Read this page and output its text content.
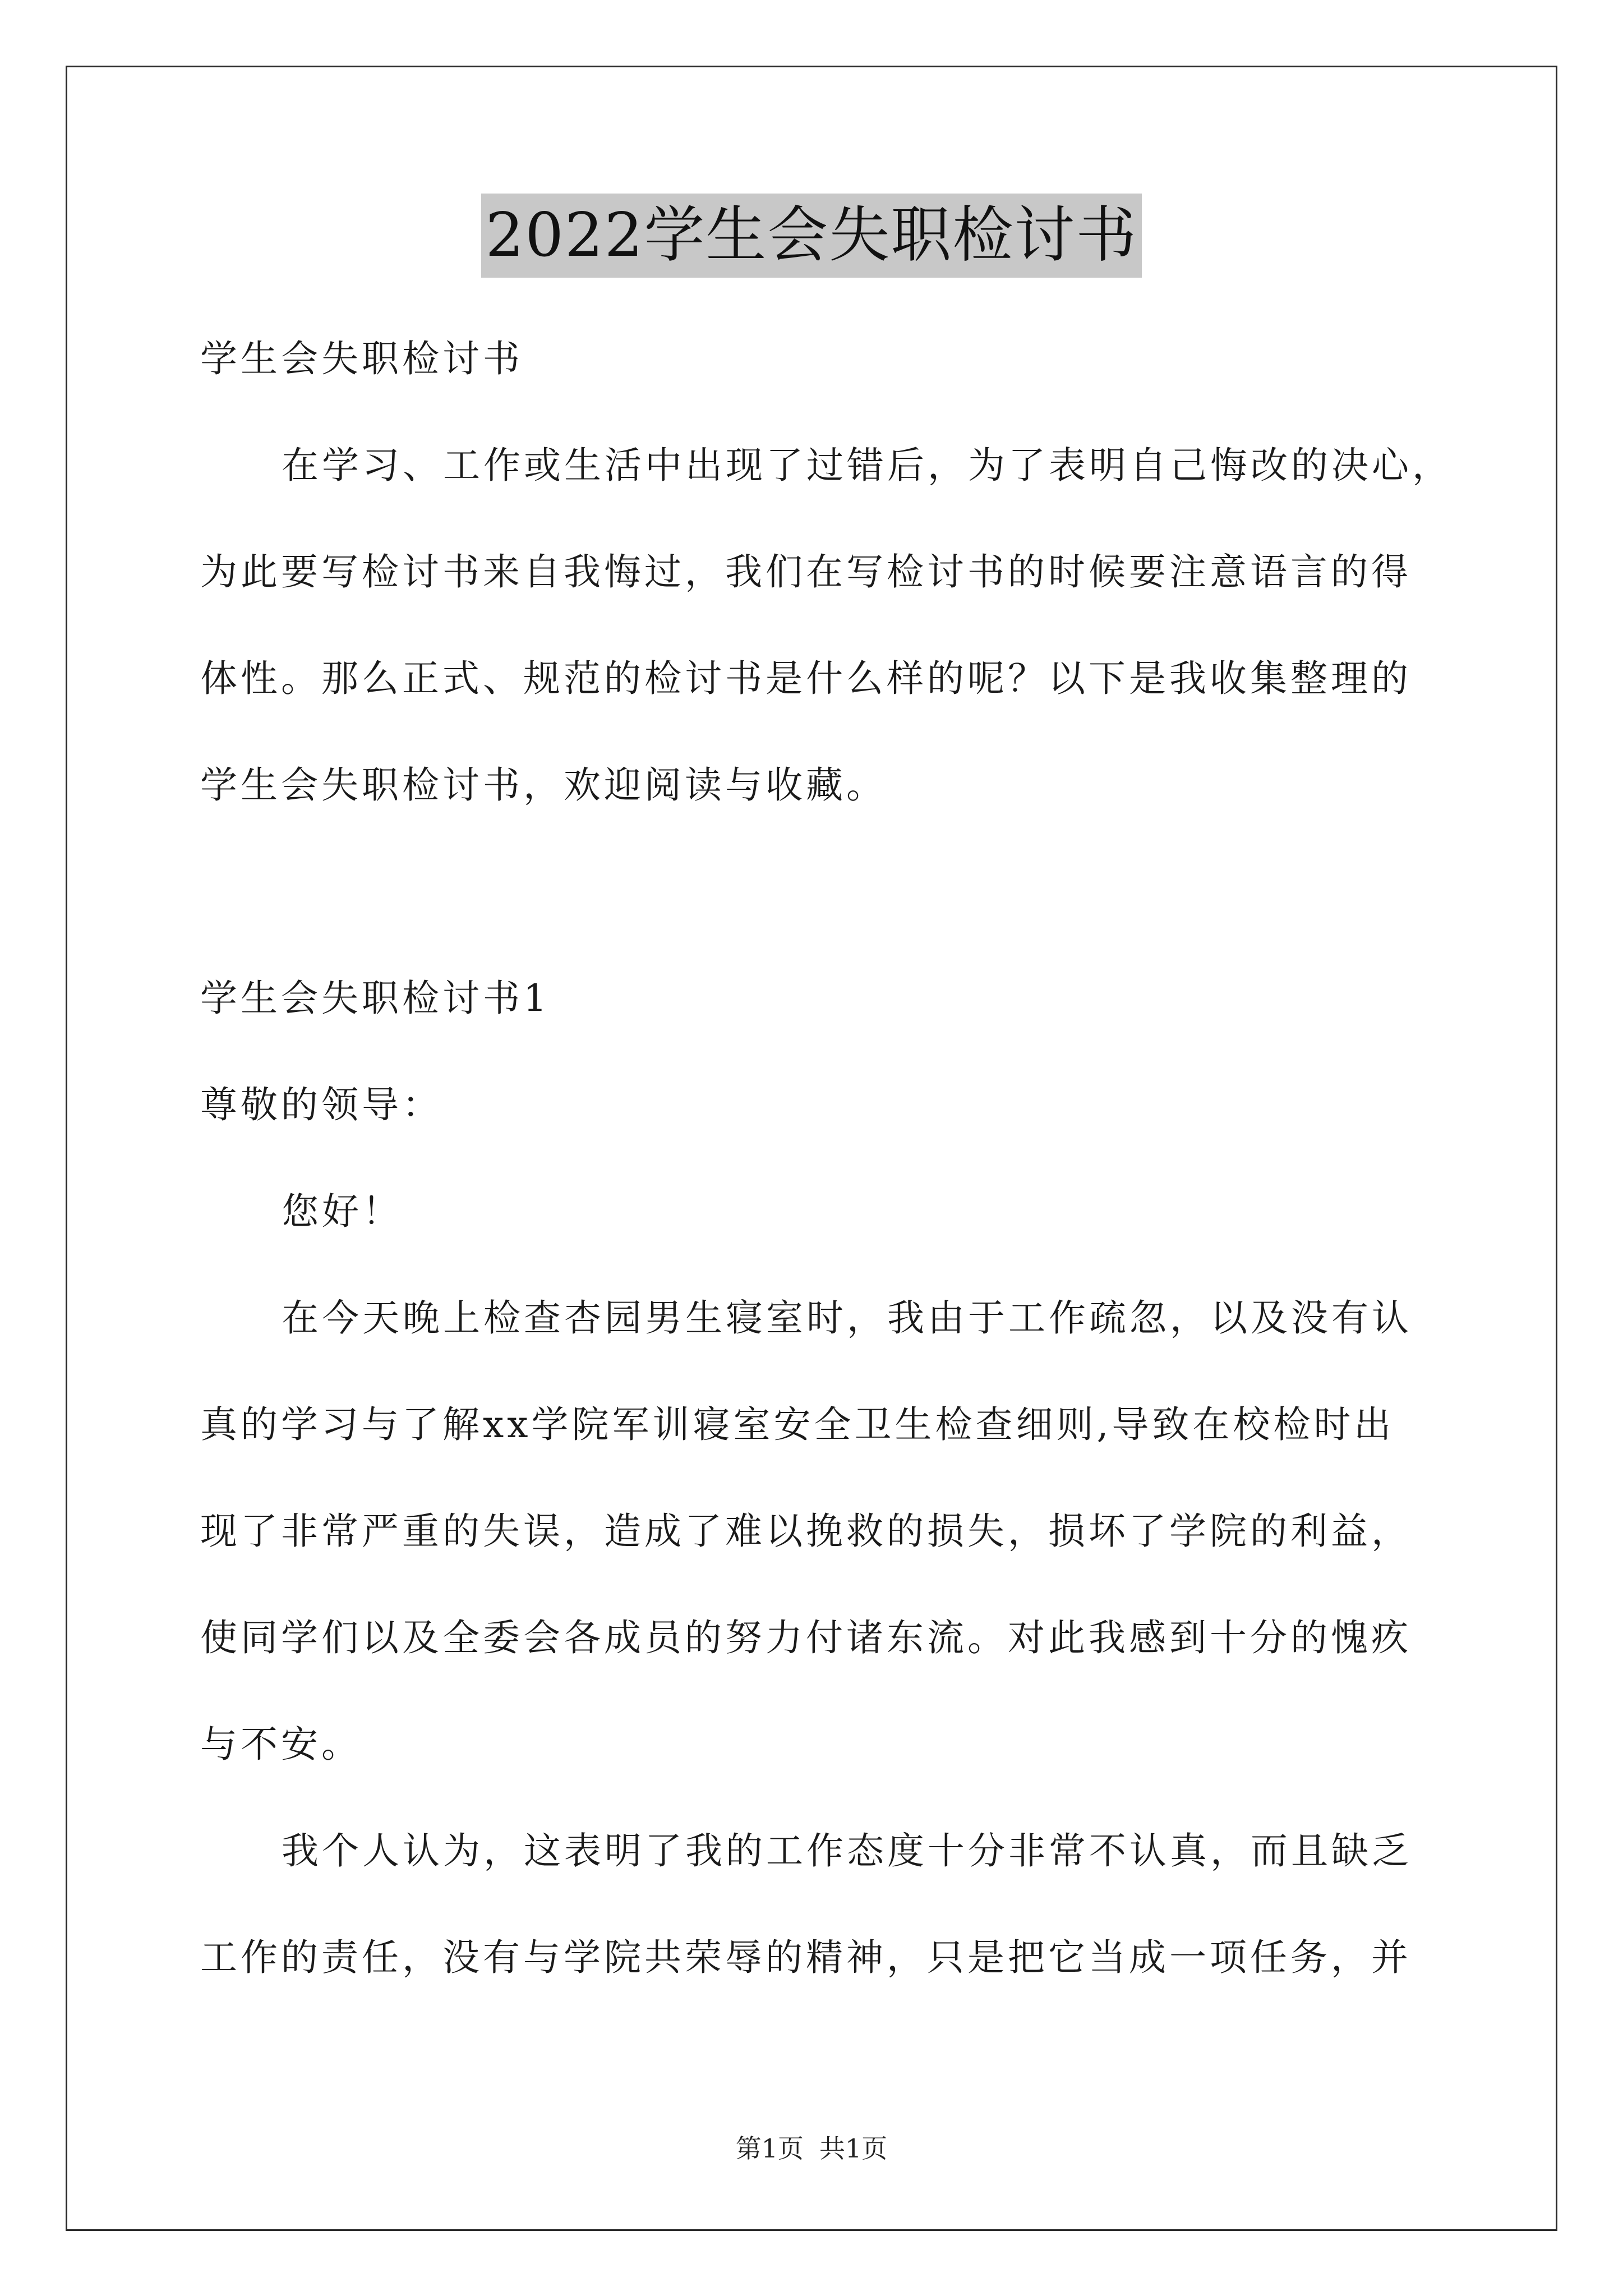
2022学生会失职检讨书
学生会失职检讨书
在学习、工作或生活中出现了过错后，为了表明自己悔改的决心，
为此要写检讨书来自我悔过，我们在写检讨书的时候要注意语言的得
体性。那么正式、规范的检讨书是什么样的呢？以下是我收集整理的
学生会失职检讨书，欢迎阅读与收藏。
学生会失职检讨书1
尊敬的领导：
您好！
在今天晚上检查杏园男生寝室时，我由于工作疏忽，以及没有认
真的学习与了解xx学院军训寝室安全卫生检查细则,导致在校检时出
现了非常严重的失误，造成了难以挽救的损失，损坏了学院的利益，
使同学们以及全委会各成员的努力付诸东流。对此我感到十分的愧疚
与不安。
我个人认为，这表明了我的工作态度十分非常不认真，而且缺乏
工作的责任，没有与学院共荣辱的精神，只是把它当成一项任务，并
第1页 共1页
